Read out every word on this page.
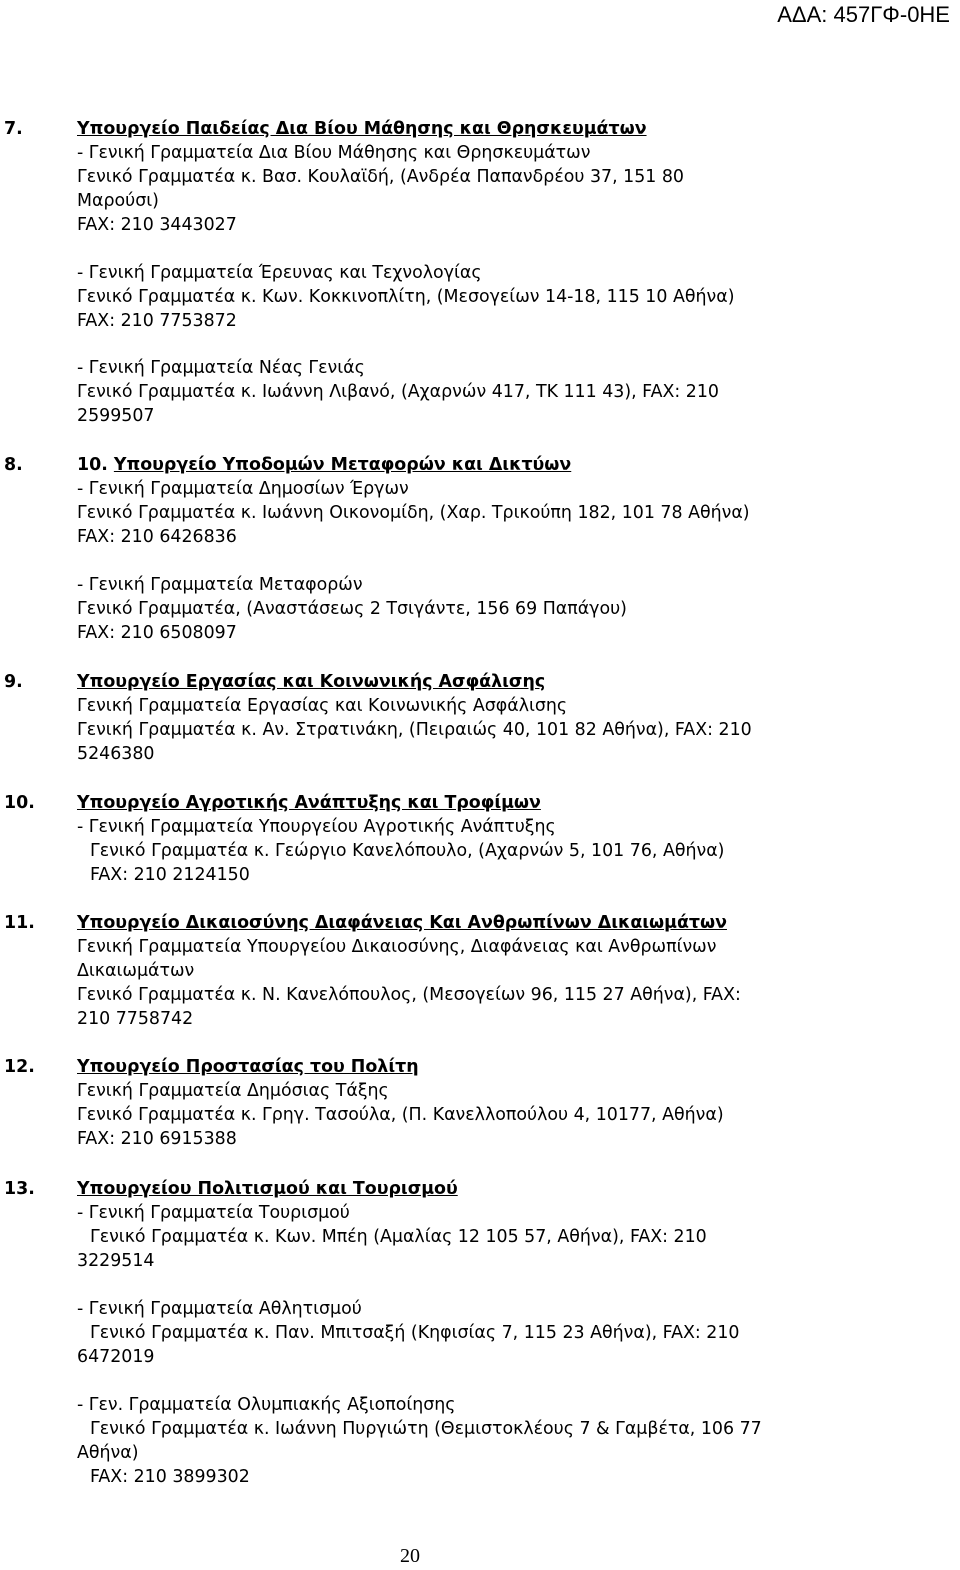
ΑΔΑ: 457ΓΦ-0ΗΕ
7.	Υπουργείο Παιδείας Δια Βίου Μάθησης και Θρησκευμάτων
- Γενική Γραμματεία Δια Βίου Μάθησης και Θρησκευμάτων
Γενικό Γραμματέα κ. Βασ. Κουλαϊδή, (Ανδρέα Παπανδρέου 37, 151 80
Μαρούσι)
FAX: 210 3443027
- Γενική Γραμματεία Έρευνας και Τεχνολογίας
Γενικό Γραμματέα κ. Κων. Κοκκινοπλίτη, (Μεσογείων 14-18, 115 10 Αθήνα)
FAX: 210 7753872
- Γενική Γραμματεία Νέας Γενιάς
Γενικό Γραμματέα κ. Ιωάννη Λιβανό, (Αχαρνών 417, ΤΚ 111 43), FAX: 210
2599507
8.	10. Υπουργείο Υποδομών Μεταφορών και Δικτύων
- Γενική Γραμματεία Δημοσίων Έργων
Γενικό Γραμματέα κ. Ιωάννη Οικονομίδη, (Χαρ. Τρικούπη 182, 101 78 Αθήνα)
FAX: 210 6426836
- Γενική Γραμματεία Μεταφορών
Γενικό Γραμματέα, (Αναστάσεως 2 Τσιγάντε, 156 69 Παπάγου)
FAX: 210 6508097
9.	Υπουργείο Εργασίας και Κοινωνικής Ασφάλισης
Γενική Γραμματεία Εργασίας και Κοινωνικής Ασφάλισης
Γενική Γραμματέα κ. Αν. Στρατινάκη, (Πειραιώς 40, 101 82 Αθήνα), FAX: 210
5246380
10. Υπουργείο Αγροτικής Ανάπτυξης και Τροφίμων
- Γενική Γραμματεία Υπουργείου Αγροτικής Ανάπτυξης
Γενικό Γραμματέα κ. Γεώργιο Κανελόπουλο, (Αχαρνών 5, 101 76, Αθήνα)
FAX: 210 2124150
11. Υπουργείο Δικαιοσύνης Διαφάνειας Και Ανθρωπίνων Δικαιωμάτων
Γενική Γραμματεία Υπουργείου Δικαιοσύνης, Διαφάνειας και Ανθρωπίνων
Δικαιωμάτων
Γενικό Γραμματέα κ. Ν. Κανελόπουλος, (Μεσογείων 96, 115 27 Αθήνα), FAX:
210 7758742
12. Υπουργείο Προστασίας του Πολίτη
Γενική Γραμματεία Δημόσιας Τάξης
Γενικό Γραμματέα κ. Γρηγ. Τασούλα, (Π. Κανελλοπούλου 4, 10177, Αθήνα)
FAX: 210 6915388
13. Υπουργείου Πολιτισμού και Τουρισμού
- Γενική Γραμματεία Τουρισμού
Γενικό Γραμματέα κ. Κων. Μπέη (Αμαλίας 12 105 57, Αθήνα), FAX: 210
3229514
- Γενική Γραμματεία Αθλητισμού
Γενικό Γραμματέα κ. Παν. Μπιτσαξή (Κηφισίας 7, 115 23 Αθήνα), FAX: 210
6472019
- Γεν. Γραμματεία Ολυμπιακής Αξιοποίησης
Γενικό Γραμματέα κ. Ιωάννη Πυργιώτη (Θεμιστοκλέους 7 & Γαμβέτα, 106 77
Αθήνα)
FAX: 210 3899302
20
